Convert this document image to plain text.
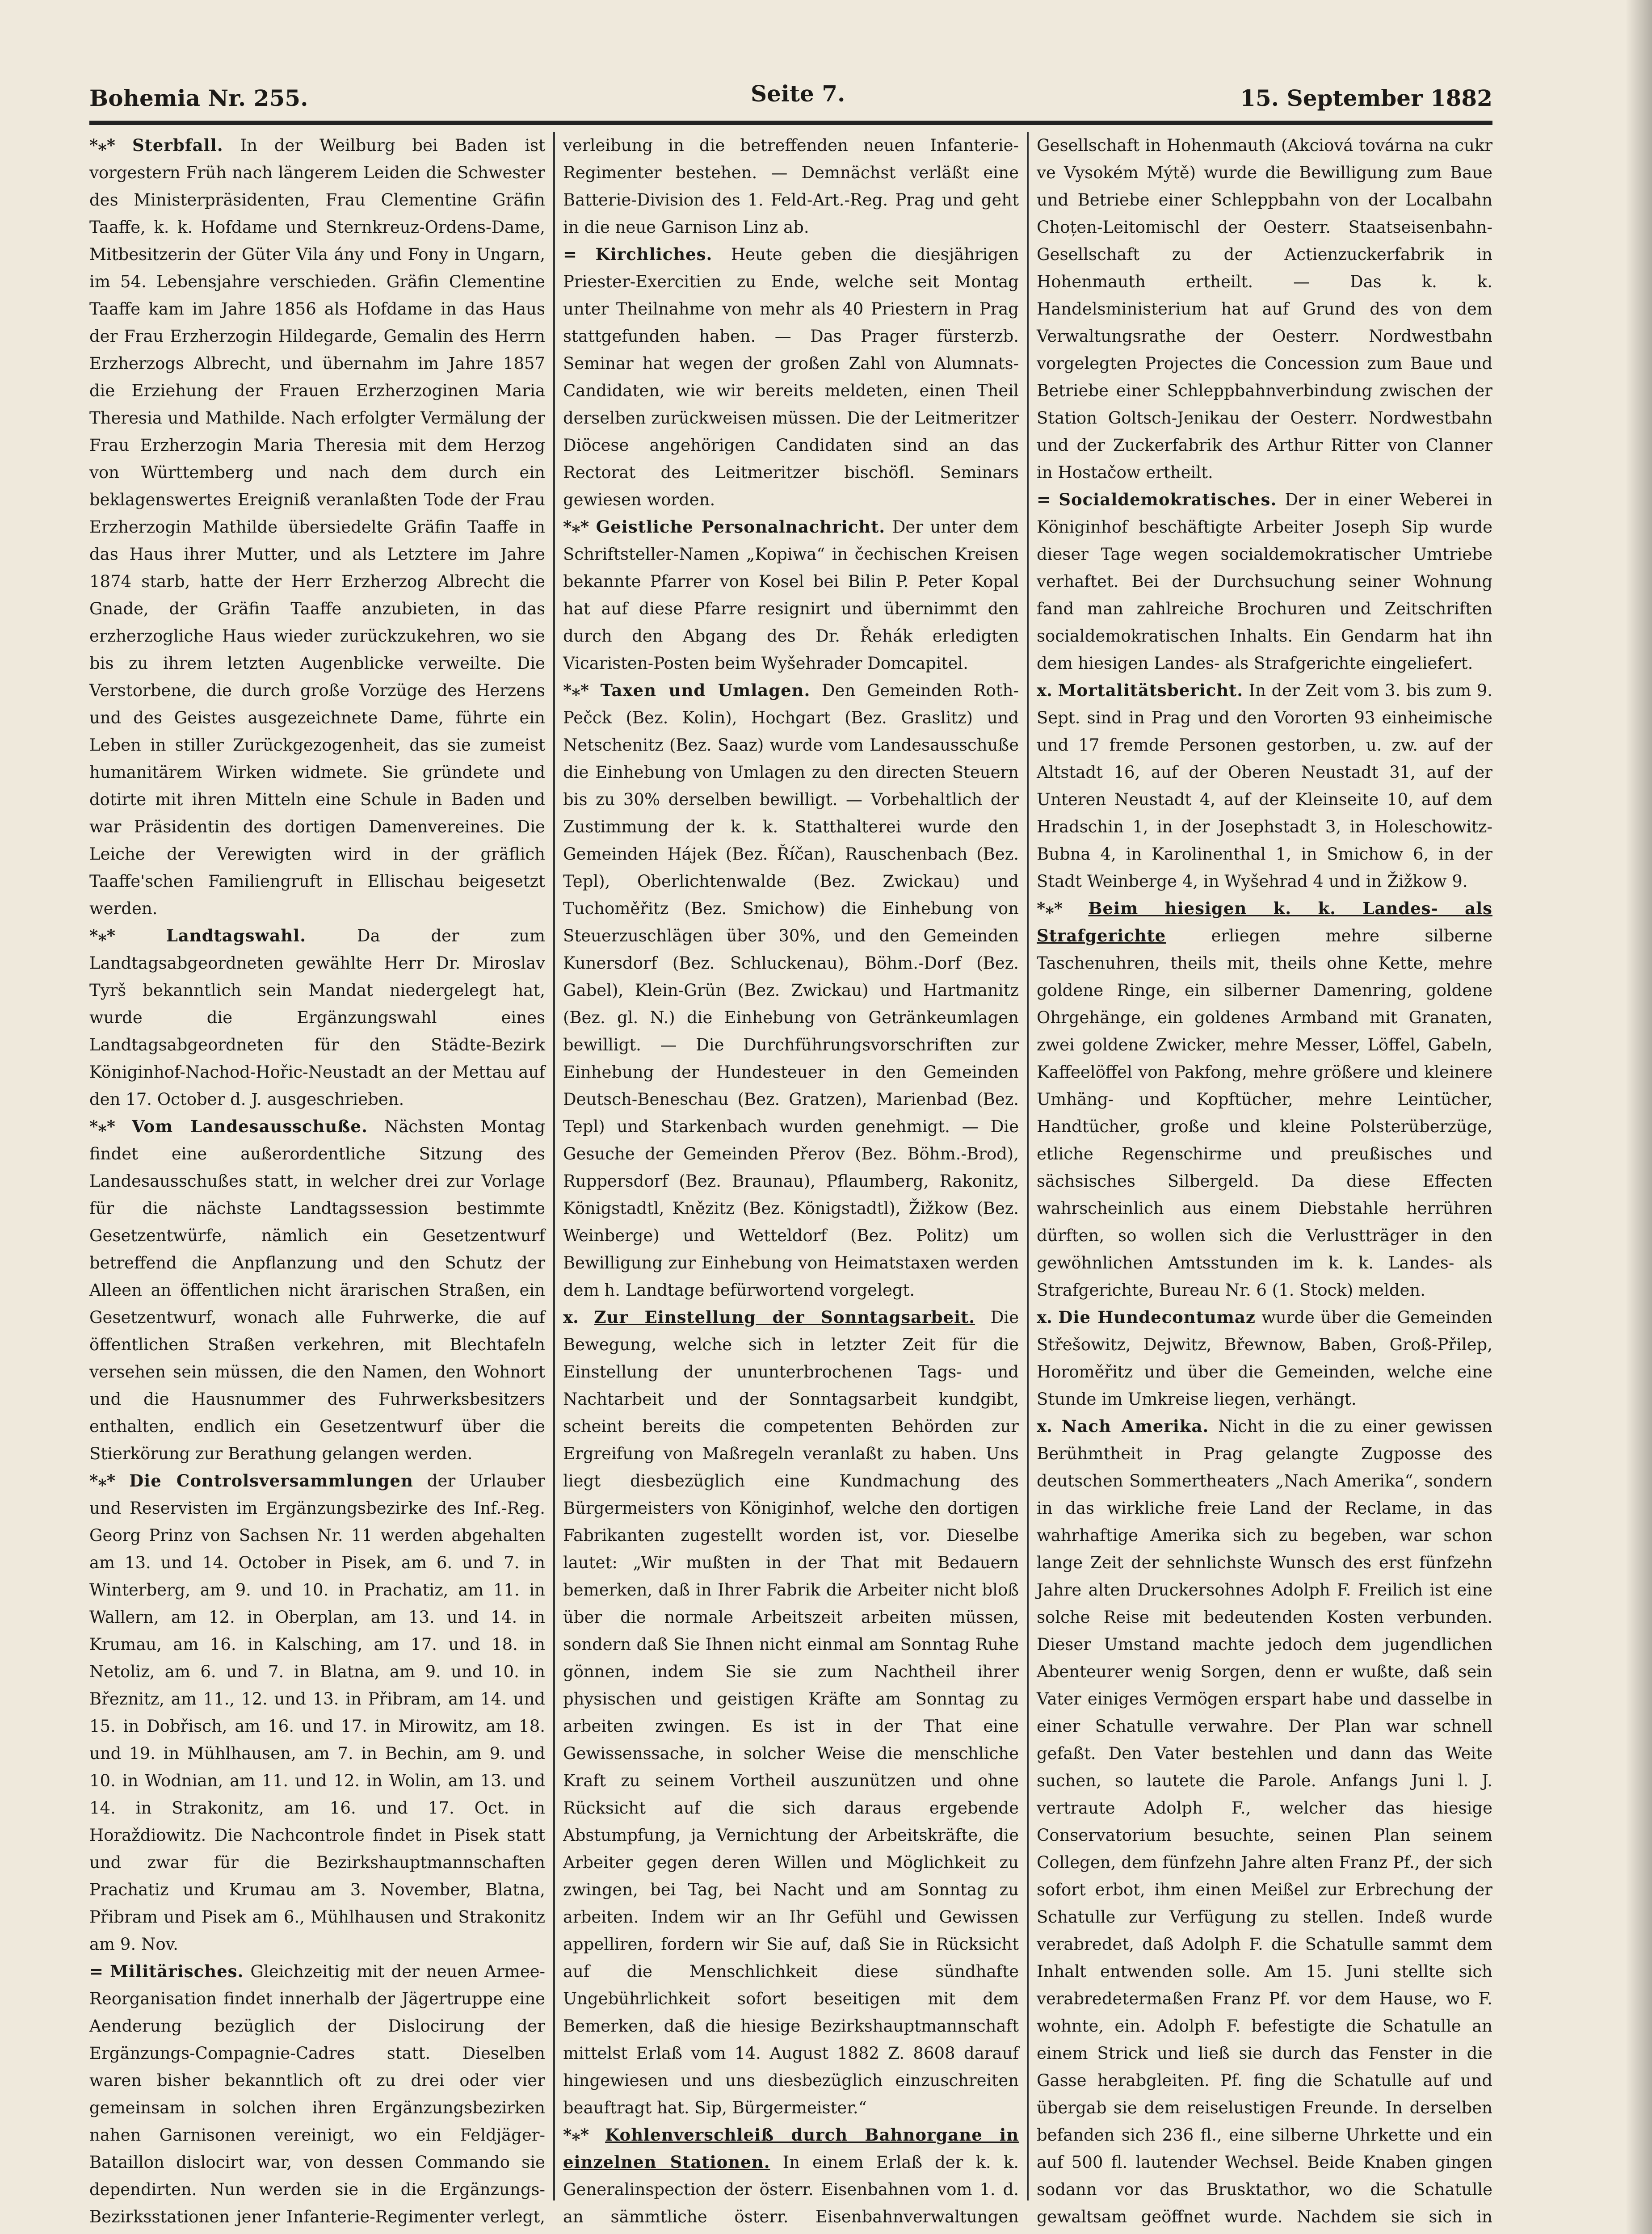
Bohemia Nr. 255.	Seite 7.	15. September 1882

*⁎* Sterbfall. In der Weilburg bei Baden ist vorgestern Früh nach längerem Leiden die Schwester des Ministerpräsidenten, Frau Clementine Gräfin Taaffe, k. k. Hofdame und Sternkreuz-Ordens-Dame, Mitbesitzerin der Güter Vila ány und Fony in Ungarn, im 54. Lebensjahre verschieden. Gräfin Clementine Taaffe kam im Jahre 1856 als Hofdame in das Haus der Frau Erzherzogin Hildegarde, Gemalin des Herrn Erzherzogs Albrecht, und übernahm im Jahre 1857 die Erziehung der Frauen Erzherzoginen Maria Theresia und Mathilde. Nach erfolgter Vermälung der Frau Erzherzogin Maria Theresia mit dem Herzog von Württemberg und nach dem durch ein beklagenswertes Ereigniß veranlaßten Tode der Frau Erzherzogin Mathilde übersiedelte Gräfin Taaffe in das Haus ihrer Mutter, und als Letztere im Jahre 1874 starb, hatte der Herr Erzherzog Albrecht die Gnade, der Gräfin Taaffe anzubieten, in das erzherzogliche Haus wieder zurückzukehren, wo sie bis zu ihrem letzten Augenblicke verweilte. Die Verstorbene, die durch große Vorzüge des Herzens und des Geistes ausgezeichnete Dame, führte ein Leben in stiller Zurückgezogenheit, das sie zumeist humanitärem Wirken widmete. Sie gründete und dotirte mit ihren Mitteln eine Schule in Baden und war Präsidentin des dortigen Damenvereines. Die Leiche der Verewigten wird in der gräflich Taaffe'schen Familiengruft in Ellischau beigesetzt werden.

*⁎*	Landtagswahl.	Da der zum Landtagsabgeordneten gewählte Herr Dr. Miroslav Tyrš bekanntlich sein Mandat niedergelegt hat, wurde die Ergänzungswahl eines Landtagsabgeordneten für den Städte-Bezirk Königinhof-Nachod-Hořic-Neustadt an der Mettau auf den 17. October d. J. ausgeschrieben.

*⁎* Vom Landesausschuße. Nächsten Montag findet eine außerordentliche Sitzung des Landesausschußes statt, in welcher drei zur Vorlage für die nächste Landtagssession bestimmte Gesetzentwürfe, nämlich ein Gesetzentwurf betreffend die Anpflanzung und den Schutz der Alleen an öffentlichen nicht ärarischen Straßen, ein Gesetzentwurf, wonach alle Fuhrwerke, die auf öffentlichen Straßen verkehren, mit Blechtafeln versehen sein müssen, die den Namen, den Wohnort und die Hausnummer des Fuhrwerksbesitzers enthalten, endlich ein Gesetzentwurf über die Stierkörung zur Berathung gelangen werden.

*⁎* Die Controlsversammlungen der Urlauber und Reservisten im Ergänzungsbezirke des Inf.-Reg. Georg Prinz von Sachsen Nr. 11 werden abgehalten am 13. und 14. October in Pisek, am 6. und 7. in Winterberg, am 9. und 10. in Prachatiz, am 11. in Wallern, am 12. in Oberplan, am 13. und 14. in Krumau, am 16. in Kalsching, am 17. und 18. in Netoliz, am 6. und 7. in Blatna, am 9. und 10. in Březnitz, am 11., 12. und 13. in Přibram, am 14. und 15. in Dobřisch, am 16. und 17. in Mirowitz, am 18. und 19. in Mühlhausen, am 7. in Bechin, am 9. und 10. in Wodnian, am 11. und 12. in Wolin, am 13. und 14. in Strakonitz, am 16. und 17. Oct. in Horaždiowitz. Die Nachcontrole findet in Pisek statt und zwar für die Bezirkshauptmannschaften Prachatiz und Krumau am 3. November, Blatna, Přibram und Pisek am 6., Mühlhausen und Strakonitz am 9. Nov.

= Militärisches. Gleichzeitig mit der neuen Armee-Reorganisation findet innerhalb der Jägertruppe eine Aenderung bezüglich der Dislocirung der Ergänzungs-Compagnie-Cadres statt. Dieselben waren bisher bekanntlich oft zu drei oder vier gemeinsam in solchen ihren Ergänzungsbezirken nahen Garnisonen vereinigt, wo ein Feldjäger-Bataillon dislocirt war, von dessen Commando sie dependirten. Nun werden sie in die Ergänzungs-Bezirksstationen jener Infanterie-Regimenter verlegt,

verleibung in die betreffenden neuen Infanterie-Regimenter bestehen. — Demnächst verläßt eine Batterie-Division des 1. Feld-Art.-Reg. Prag und geht in die neue Garnison Linz ab.

= Kirchliches. Heute geben die diesjährigen Priester-Exercitien zu Ende, welche seit Montag unter Theilnahme von mehr als 40 Priestern in Prag stattgefunden haben. — Das Prager fürsterzb. Seminar hat wegen der großen Zahl von Alumnats-Candidaten, wie wir bereits meldeten, einen Theil derselben zurückweisen müssen. Die der Leitmeritzer Diöcese angehörigen Candidaten sind an das Rectorat des Leitmeritzer bischöfl. Seminars gewiesen worden.

*⁎* Geistliche Personalnachricht. Der unter dem Schriftsteller-Namen „Kopiwa“ in čechischen Kreisen bekannte Pfarrer von Kosel bei Bilin P. Peter Kopal hat auf diese Pfarre resignirt und übernimmt den durch den Abgang des Dr. Řehák erledigten Vicaristen-Posten beim Wyšehrader Domcapitel.

*⁎* Taxen und Umlagen. Den Gemeinden Roth-Pečck (Bez. Kolin), Hochgart (Bez. Graslitz) und Netschenitz (Bez. Saaz) wurde vom Landesausschuße die Einhebung von Umlagen zu den directen Steuern bis zu 30% derselben bewilligt. — Vorbehaltlich der Zustimmung der k. k. Statthalterei wurde den Gemeinden Hájek (Bez. Říčan), Rauschenbach (Bez. Tepl), Oberlichtenwalde (Bez. Zwickau) und Tuchoměřitz (Bez. Smichow) die Einhebung von Steuerzuschlägen über 30%, und den Gemeinden Kunersdorf (Bez. Schluckenau), Böhm.-Dorf (Bez. Gabel), Klein-Grün (Bez. Zwickau) und Hartmanitz (Bez. gl. N.) die Einhebung von Getränkeumlagen bewilligt. — Die Durchführungsvorschriften zur Einhebung der Hundesteuer in den Gemeinden Deutsch-Beneschau (Bez. Gratzen), Marienbad (Bez. Tepl) und Starkenbach wurden genehmigt. — Die Gesuche der Gemeinden Přerov (Bez. Böhm.-Brod), Ruppersdorf (Bez. Braunau), Pflaumberg, Rakonitz, Königstadtl, Knězitz (Bez. Königstadtl), Žižkow (Bez. Weinberge) und Wetteldorf (Bez. Politz) um Bewilligung zur Einhebung von Heimatstaxen werden dem h. Landtage befürwortend vorgelegt.

x. Zur Einstellung der Sonntagsarbeit. Die Bewegung, welche sich in letzter Zeit für die Einstellung der ununterbrochenen Tags- und Nachtarbeit und der Sonntagsarbeit kundgibt, scheint bereits die competenten Behörden zur Ergreifung von Maßregeln veranlaßt zu haben. Uns liegt diesbezüglich eine Kundmachung des Bürgermeisters von Königinhof, welche den dortigen Fabrikanten zugestellt worden ist, vor. Dieselbe lautet: „Wir mußten in der That mit Bedauern bemerken, daß in Ihrer Fabrik die Arbeiter nicht bloß über die normale Arbeitszeit arbeiten müssen, sondern daß Sie Ihnen nicht einmal am Sonntag Ruhe gönnen, indem Sie sie zum Nachtheil ihrer physischen und geistigen Kräfte am Sonntag zu arbeiten zwingen. Es ist in der That eine Gewissenssache, in solcher Weise die menschliche Kraft zu seinem Vortheil auszunützen und ohne Rücksicht auf die sich daraus ergebende Abstumpfung, ja Vernichtung der Arbeitskräfte, die Arbeiter gegen deren Willen und Möglichkeit zu zwingen, bei Tag, bei Nacht und am Sonntag zu arbeiten. Indem wir an Ihr Gefühl und Gewissen appelliren, fordern wir Sie auf, daß Sie in Rücksicht auf die Menschlichkeit diese sündhafte Ungebührlichkeit sofort beseitigen mit dem Bemerken, daß die hiesige Bezirkshauptmannschaft mittelst Erlaß vom 14. August 1882 Z. 8608 darauf hingewiesen und uns diesbezüglich einzuschreiten beauftragt hat. Sip, Bürgermeister.“

*⁎* Kohlenverschleiß durch Bahnorgane in einzelnen Stationen. In einem Erlaß der k. k. Generalinspection der österr. Eisenbahnen vom 1. d. an sämmtliche österr. Eisenbahnverwaltungen

Gesellschaft in Hohenmauth (Akciová továrna na cukr ve Vysokém Mýtě) wurde die Bewilligung zum Baue und Betriebe einer Schleppbahn von der Localbahn Choțen-Leitomischl der Oesterr. Staatseisenbahn-Gesellschaft zu der Actienzuckerfabrik in Hohenmauth ertheilt. — Das k. k. Handelsministerium hat auf Grund des von dem Verwaltungsrathe der Oesterr. Nordwestbahn vorgelegten Projectes die Concession zum Baue und Betriebe einer Schleppbahnverbindung zwischen der Station Goltsch-Jenikau der Oesterr. Nordwestbahn und der Zuckerfabrik des Arthur Ritter von Clanner in Hostačow ertheilt.

= Socialdemokratisches. Der in einer Weberei in Königinhof beschäftigte Arbeiter Joseph Sip wurde dieser Tage wegen socialdemokratischer Umtriebe verhaftet. Bei der Durchsuchung seiner Wohnung fand man zahlreiche Brochuren und Zeitschriften socialdemokratischen Inhalts. Ein Gendarm hat ihn dem hiesigen Landes- als Strafgerichte eingeliefert.

x. Mortalitätsbericht. In der Zeit vom 3. bis zum 9. Sept. sind in Prag und den Vororten 93 einheimische und 17 fremde Personen gestorben, u. zw. auf der Altstadt 16, auf der Oberen Neustadt 31, auf der Unteren Neustadt 4, auf der Kleinseite 10, auf dem Hradschin 1, in der Josephstadt 3, in Holeschowitz-Bubna 4, in Karolinenthal 1, in Smichow 6, in der Stadt Weinberge 4, in Wyšehrad 4 und in Žižkow 9.

*⁎* Beim hiesigen k. k. Landes- als Strafgerichte	erliegen mehre silberne Taschenuhren, theils mit, theils ohne Kette, mehre goldene Ringe, ein silberner Damenring, goldene Ohrgehänge, ein goldenes Armband mit Granaten, zwei goldene Zwicker, mehre Messer, Löffel, Gabeln, Kaffeelöffel von Pakfong, mehre größere und kleinere Umhäng- und Kopftücher, mehre Leintücher, Handtücher, große und kleine Polsterüberzüge, etliche Regenschirme und preußisches und sächsisches Silbergeld. Da diese Effecten wahrscheinlich aus einem Diebstahle herrühren dürften, so wollen sich die Verlustträger in den gewöhnlichen Amtsstunden im k. k. Landes- als Strafgerichte, Bureau Nr. 6 (1. Stock) melden.

x. Die Hundecontumaz wurde über die Gemeinden Střešowitz, Dejwitz, Břewnow, Baben, Groß-Přilep, Horoměřitz und über die Gemeinden, welche eine Stunde im Umkreise liegen, verhängt.

x. Nach Amerika. Nicht in die zu einer gewissen Berühmtheit in Prag gelangte Zugposse des deutschen Sommertheaters „Nach Amerika“, sondern in das wirkliche freie Land der Reclame, in das wahrhaftige Amerika sich zu begeben, war schon lange Zeit der sehnlichste Wunsch des erst fünfzehn Jahre alten Druckersohnes Adolph F. Freilich ist eine solche Reise mit bedeutenden Kosten verbunden. Dieser Umstand machte jedoch dem jugendlichen Abenteurer wenig Sorgen, denn er wußte, daß sein Vater einiges Vermögen erspart habe und dasselbe in einer Schatulle verwahre. Der Plan war schnell gefaßt. Den Vater bestehlen und dann das Weite suchen, so lautete die Parole. Anfangs Juni l. J. vertraute Adolph F., welcher das hiesige Conservatorium besuchte, seinen Plan seinem Collegen, dem fünfzehn Jahre alten Franz Pf., der sich sofort erbot, ihm einen Meißel zur Erbrechung der Schatulle zur Verfügung zu stellen. Indeß wurde verabredet, daß Adolph F. die Schatulle sammt dem Inhalt entwenden solle. Am 15. Juni stellte sich verabredetermaßen Franz Pf. vor dem Hause, wo F. wohnte, ein. Adolph F. befestigte die Schatulle an einem Strick und ließ sie durch das Fenster in die Gasse herabgleiten. Pf. fing die Schatulle auf und übergab sie dem reiselustigen Freunde. In derselben befanden sich 236 fl., eine silberne Uhrkette und ein auf 500 fl. lautender Wechsel. Beide Knaben gingen sodann vor das Brusktathor, wo die Schatulle gewaltsam geöffnet wurde. Nachdem sie sich in
